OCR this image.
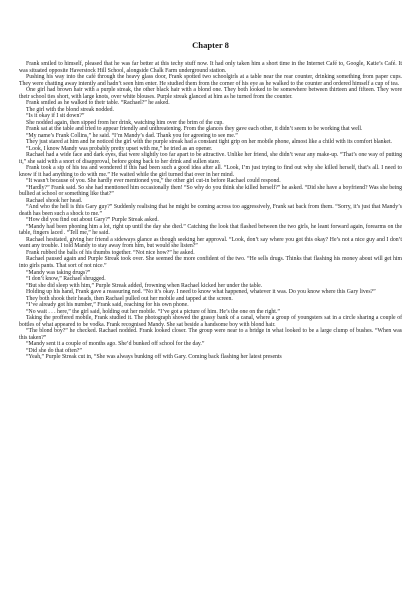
Chapter 8

Frank smiled to himself, pleased that he was far better at this techy stuff now. It had only taken him a short time in the Internet Café to, Google, Katie’s Café. It was situated opposite Haverstock Hill School, alongside Chalk Farm underground station.

Pushing his way into the café through the heavy glass door, Frank spotted two schoolgirls at a table near the rear counter, drinking something from paper cups. They were chatting away intently and hadn’t seen him enter. He studied them from the corner of his eye as he walked to the counter and ordered himself a cup of tea.

One girl had brown hair with a purple streak, the other black hair with a blond one. They both looked to be somewhere between thirteen and fifteen. They wore their school ties short, with large knots, over white blouses. Purple streak glanced at him as he turned from the counter.

Frank smiled as he walked to their table. “Rachael?” he asked.

The girl with the blond streak nodded.

“Is it okay if I sit down?”

She nodded again, then sipped from her drink, watching him over the brim of the cup.

Frank sat at the table and tried to appear friendly and unthreatening. From the glances they gave each other, it didn’t seem to be working that well.

“My name’s Frank Collins,” he said. “I’m Mandy’s dad. Thank you for agreeing to see me.”

They just stared at him and he noticed the girl with the purple streak had a constant tight grip on her mobile phone, almost like a child with its comfort blanket.

“Look, I know Mandy was probably pretty upset with me,” he tried as an opener.

Rachael had a wide face and dark eyes, that were slightly too far apart to be attractive. Unlike her friend, she didn’t wear any make-up. “That’s one way of putting it,” she said with a snort of disapproval, before going back to her drink and sullen stare.

Frank took a sip of his tea and wondered if this had been such a good idea after all. “Look, I’m just trying to find out why she killed herself, that’s all. I need to know if it had anything to do with me.” He waited while the girl turned that over in her mind.

“It wasn’t because of you. She hardly ever mentioned you,” the other girl cut-in before Rachael could respond.

“Hardly?” Frank said. So she had mentioned him occasionally then! “So why do you think she killed herself?” he asked. “Did she have a boyfriend? Was she being bullied at school or something like that?”

Rachael shook her head.

“And who the hell is this Gary guy?” Suddenly realising that he might be coming across too aggressively, Frank sat back from them. “Sorry, it’s just that Mandy’s death has been such a shock to me.”

“How did you find out about Gary?” Purple Streak asked.

“Mandy had been phoning him a lot, right up until the day she died.” Catching the look that flashed between the two girls, he leant forward again, forearms on the table, fingers laced . “Tell me,” he said.

Rachael hesitated, giving her friend a sideways glance as though seeking her approval. “Look, don’t say where you got this okay? He’s not a nice guy and I don’t want any trouble. I told Mandy to stay away from him, but would she listen?”

Frank rubbed the balls of his thumbs together. “Not nice how?” he asked.

Rachael paused again and Purple Streak took over. She seemed the more confident of the two. “He sells drugs. Thinks that flashing his money about will get him into girls pants. That sort of not nice.”

“Mandy was taking drugs?”

“I don’t know,” Rachael shrugged.

“But she did sleep with him,” Purple Streak added, frowning when Rachael kicked her under the table.

Holding up his hand, Frank gave a reassuring nod. “No it’s okay. I need to know what happened, whatever it was. Do you know where this Gary lives?”

They both shook their heads, then Rachael pulled out her mobile and tapped at the screen.

“I’ve already got his number,” Frank said, reaching for his own phone.

“No wait . . . here,” the girl said, holding out her mobile. “I’ve got a picture of him. He’s the one on the right.”

Taking the proffered mobile, Frank studied it. The photograph showed the grassy bank of a canal, where a group of youngsters sat in a circle sharing a couple of bottles of what appeared to be vodka. Frank recognised Mandy. She sat beside a handsome boy with blond hair.

“The blond boy?” he checked. Rachael nodded. Frank looked closer. The group were near to a bridge in what looked to be a large clump of bushes. “When was this taken?”

“Mandy sent it a couple of months ago. She’d bunked off school for the day.”

“Did she do that often?”

“Yeah,” Purple Streak cut in, “She was always bunking off with Gary. Coming back flashing her latest presents
